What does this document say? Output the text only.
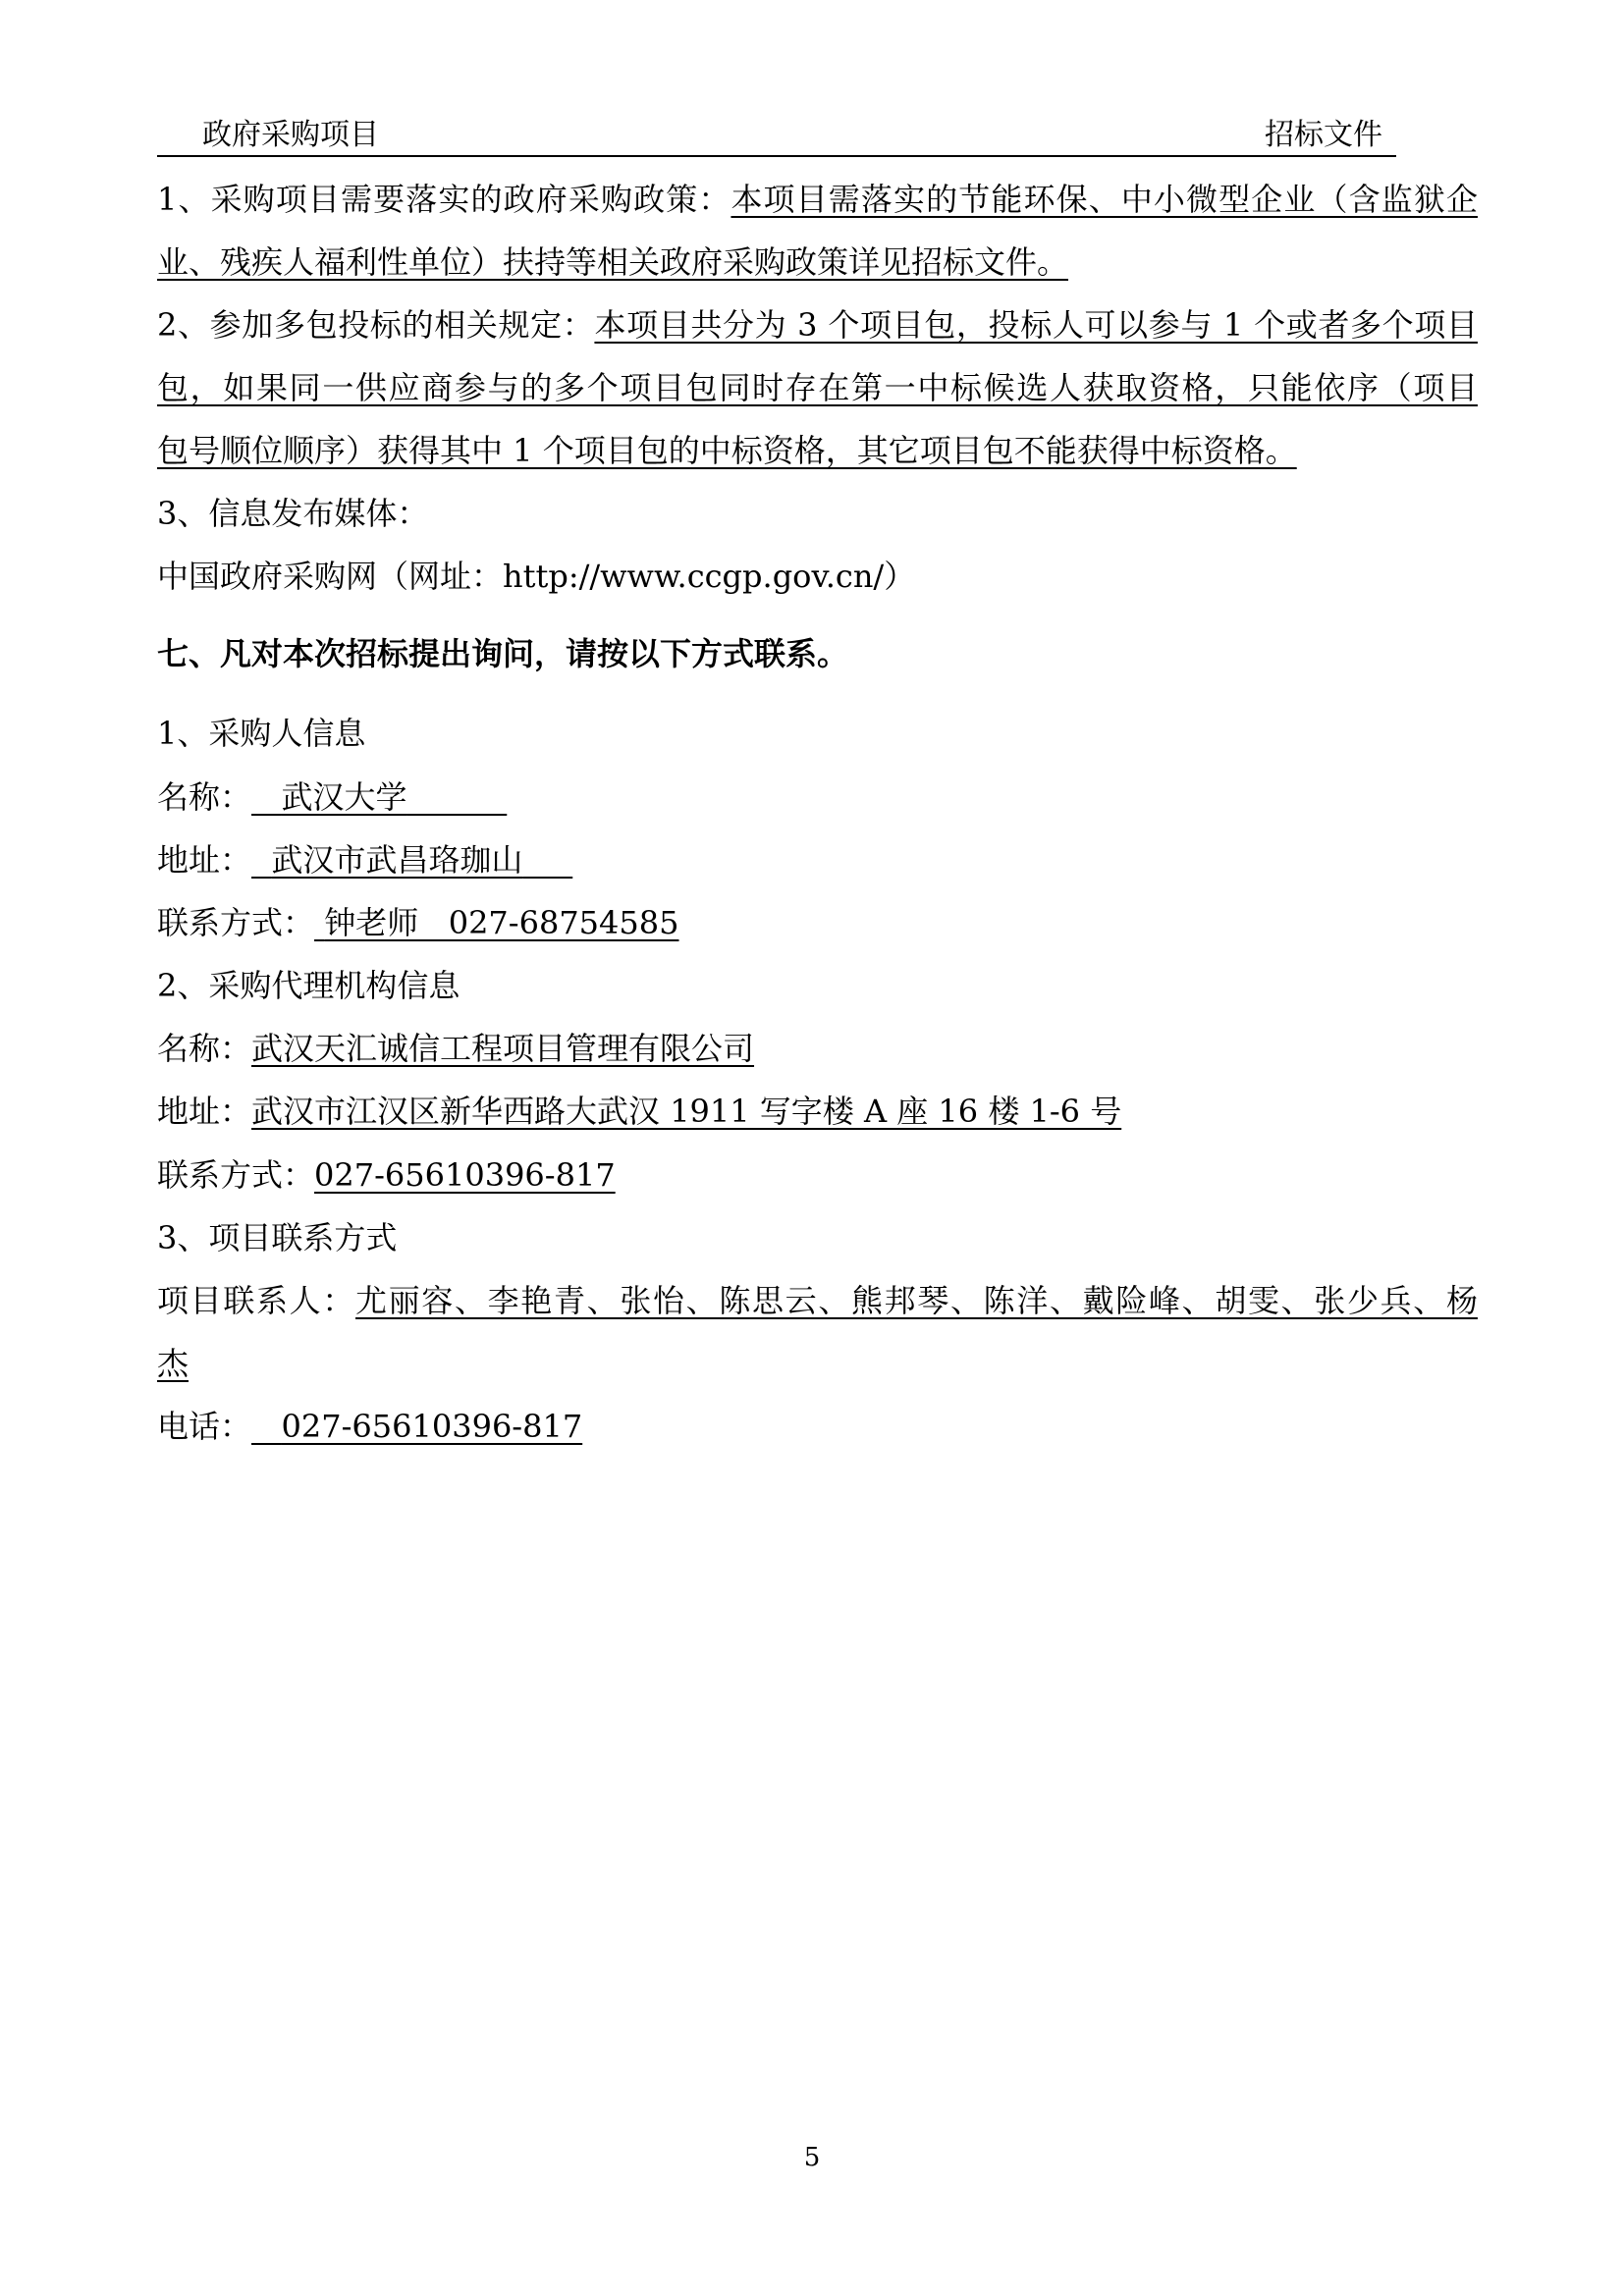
政府采购项目	招标文件
1、采购项目需要落实的政府采购政策：本项目需落实的节能环保、中小微型企业（含监狱企
业、残疾人福利性单位）扶持等相关政府采购政策详见招标文件。
2、参加多包投标的相关规定：本项目共分为 3 个项目包，投标人可以参与 1 个或者多个项目
包，如果同一供应商参与的多个项目包同时存在第一中标候选人获取资格，只能依序（项目
包号顺位顺序）获得其中 1 个项目包的中标资格，其它项目包不能获得中标资格。
3、信息发布媒体：
中国政府采购网（网址：http://www.ccgp.gov.cn/）
七、凡对本次招标提出询问，请按以下方式联系。
1、采购人信息
名称： 武汉大学
地址： 武汉市武昌珞珈山
联系方式： 钟老师   027-68754585
2、采购代理机构信息
名称：武汉天汇诚信工程项目管理有限公司
地址：武汉市江汉区新华西路大武汉 1911 写字楼 A 座 16 楼 1-6 号
联系方式：027-65610396-817
3、项目联系方式
项目联系人：尤丽容、李艳青、张怡、陈思云、熊邦琴、陈洋、戴险峰、胡雯、张少兵、杨
杰
电话： 027-65610396-817
5
